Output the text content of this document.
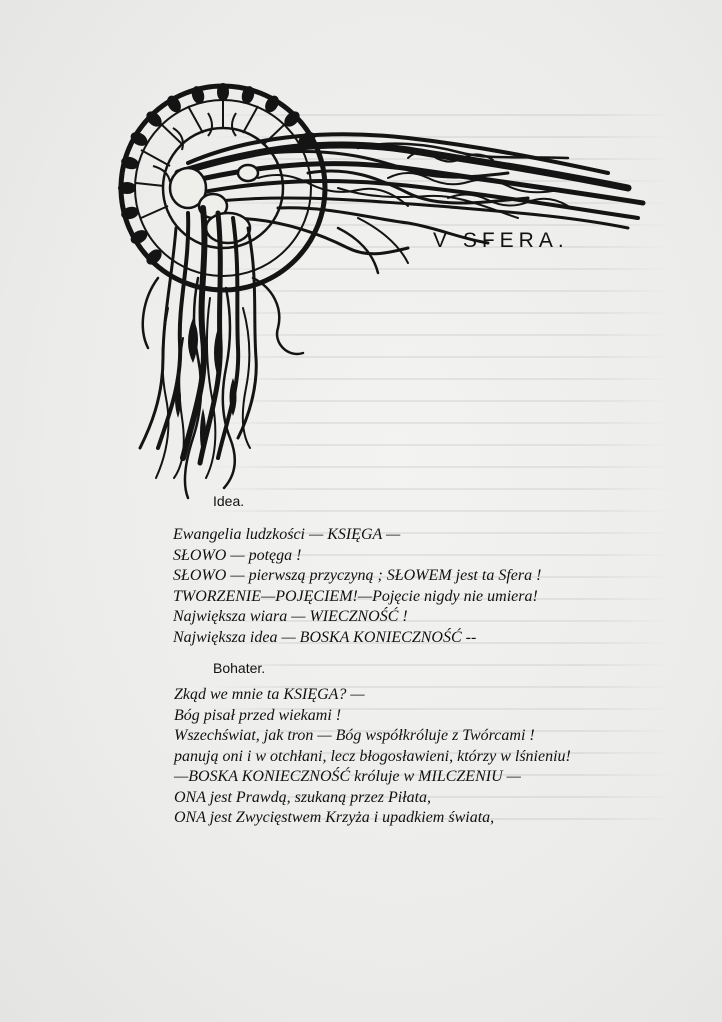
V SFERA.
Idea.
Ewangelia ludzkości — KSIĘGA —
SŁOWO — potęga !
SŁOWO — pierwszą przyczyną ; SŁOWEM jest ta Sfera !
TWORZENIE—POJĘCIEM!—Pojęcie nigdy nie umiera!
Największa wiara — WIECZNOŚĆ !
Największa idea — BOSKA KONIECZNOŚĆ --
Bohater.
Zkąd we mnie ta KSIĘGA? —
Bóg pisał przed wiekami !
Wszechświat, jak tron — Bóg współkróluje z Twórcami !
panują oni i w otchłani, lecz błogosławieni, którzy w lśnieniu!
—BOSKA KONIECZNOŚĆ króluje w MILCZENIU —
ONA jest Prawdą, szukaną przez Piłata,
ONA jest Zwycięstwem Krzyża i upadkiem świata,
